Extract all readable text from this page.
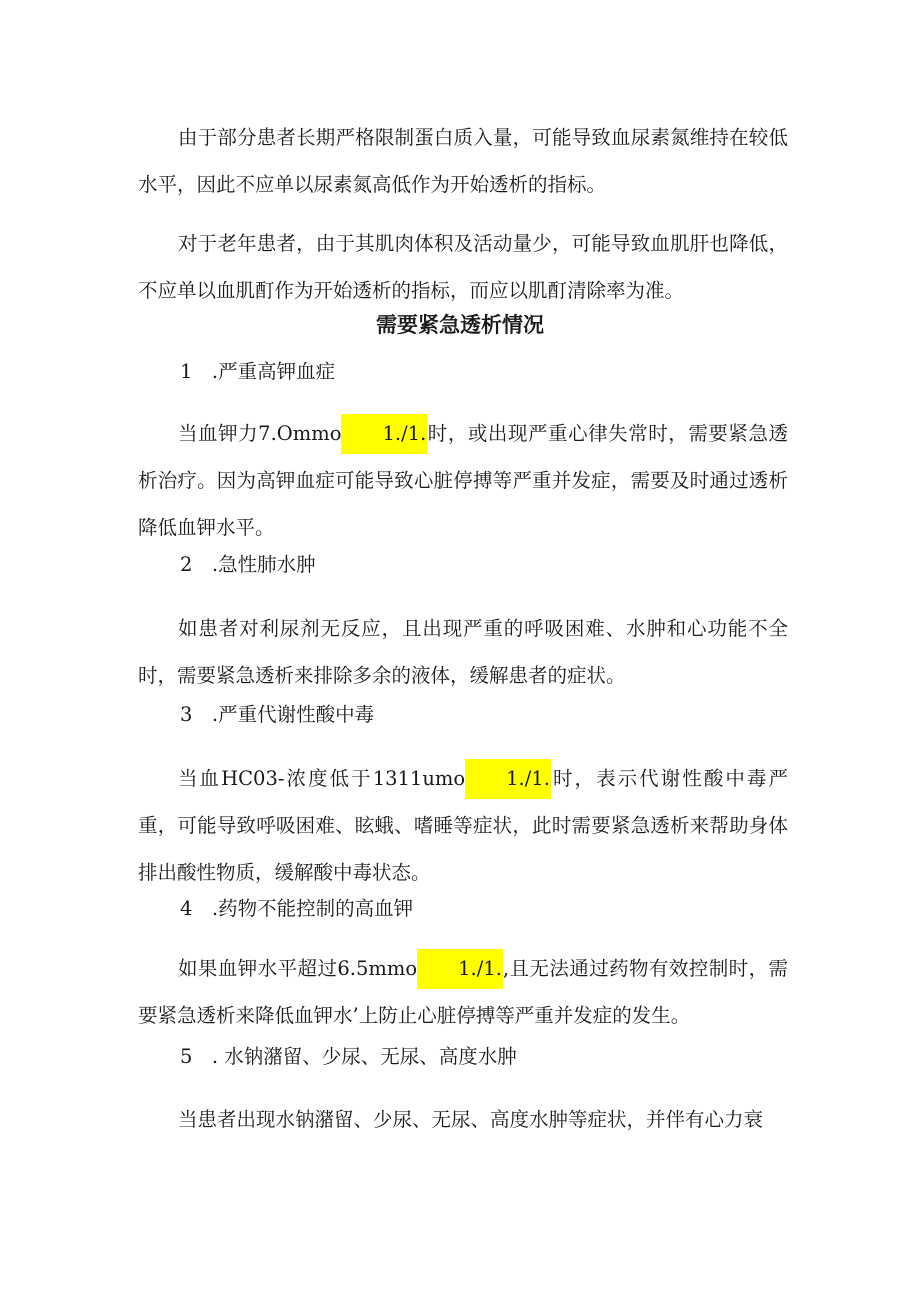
由于部分患者长期严格限制蛋白质入量，可能导致血尿素氮维持在较低水平，因此不应单以尿素氮高低作为开始透析的指标。

对于老年患者，由于其肌肉体积及活动量少，可能导致血肌肝也降低，不应单以血肌酊作为开始透析的指标，而应以肌酊清除率为准。

需要紧急透析情况

1　.严重高钾血症

当血钾力7.Ommo 1./1.时，或出现严重心律失常时，需要紧急透析治疗。因为高钾血症可能导致心脏停搏等严重并发症，需要及时通过透析降低血钾水平。

2　.急性肺水肿

如患者对利尿剂无反应，且出现严重的呼吸困难、水肿和心功能不全时，需要紧急透析来排除多余的液体，缓解患者的症状。

3　.严重代谢性酸中毒

当血HC03-浓度低于1311umo 1./1.时，表示代谢性酸中毒严重，可能导致呼吸困难、眩蛾、嗜睡等症状，此时需要紧急透析来帮助身体排出酸性物质，缓解酸中毒状态。

4　.药物不能控制的高血钾

如果血钾水平超过6.5mmo 1./1.,且无法通过药物有效控制时，需要紧急透析来降低血钾水’上防止心脏停搏等严重并发症的发生。

5　. 水钠潴留、少尿、无尿、高度水肿

当患者出现水钠潴留、少尿、无尿、高度水肿等症状，并伴有心力衰
